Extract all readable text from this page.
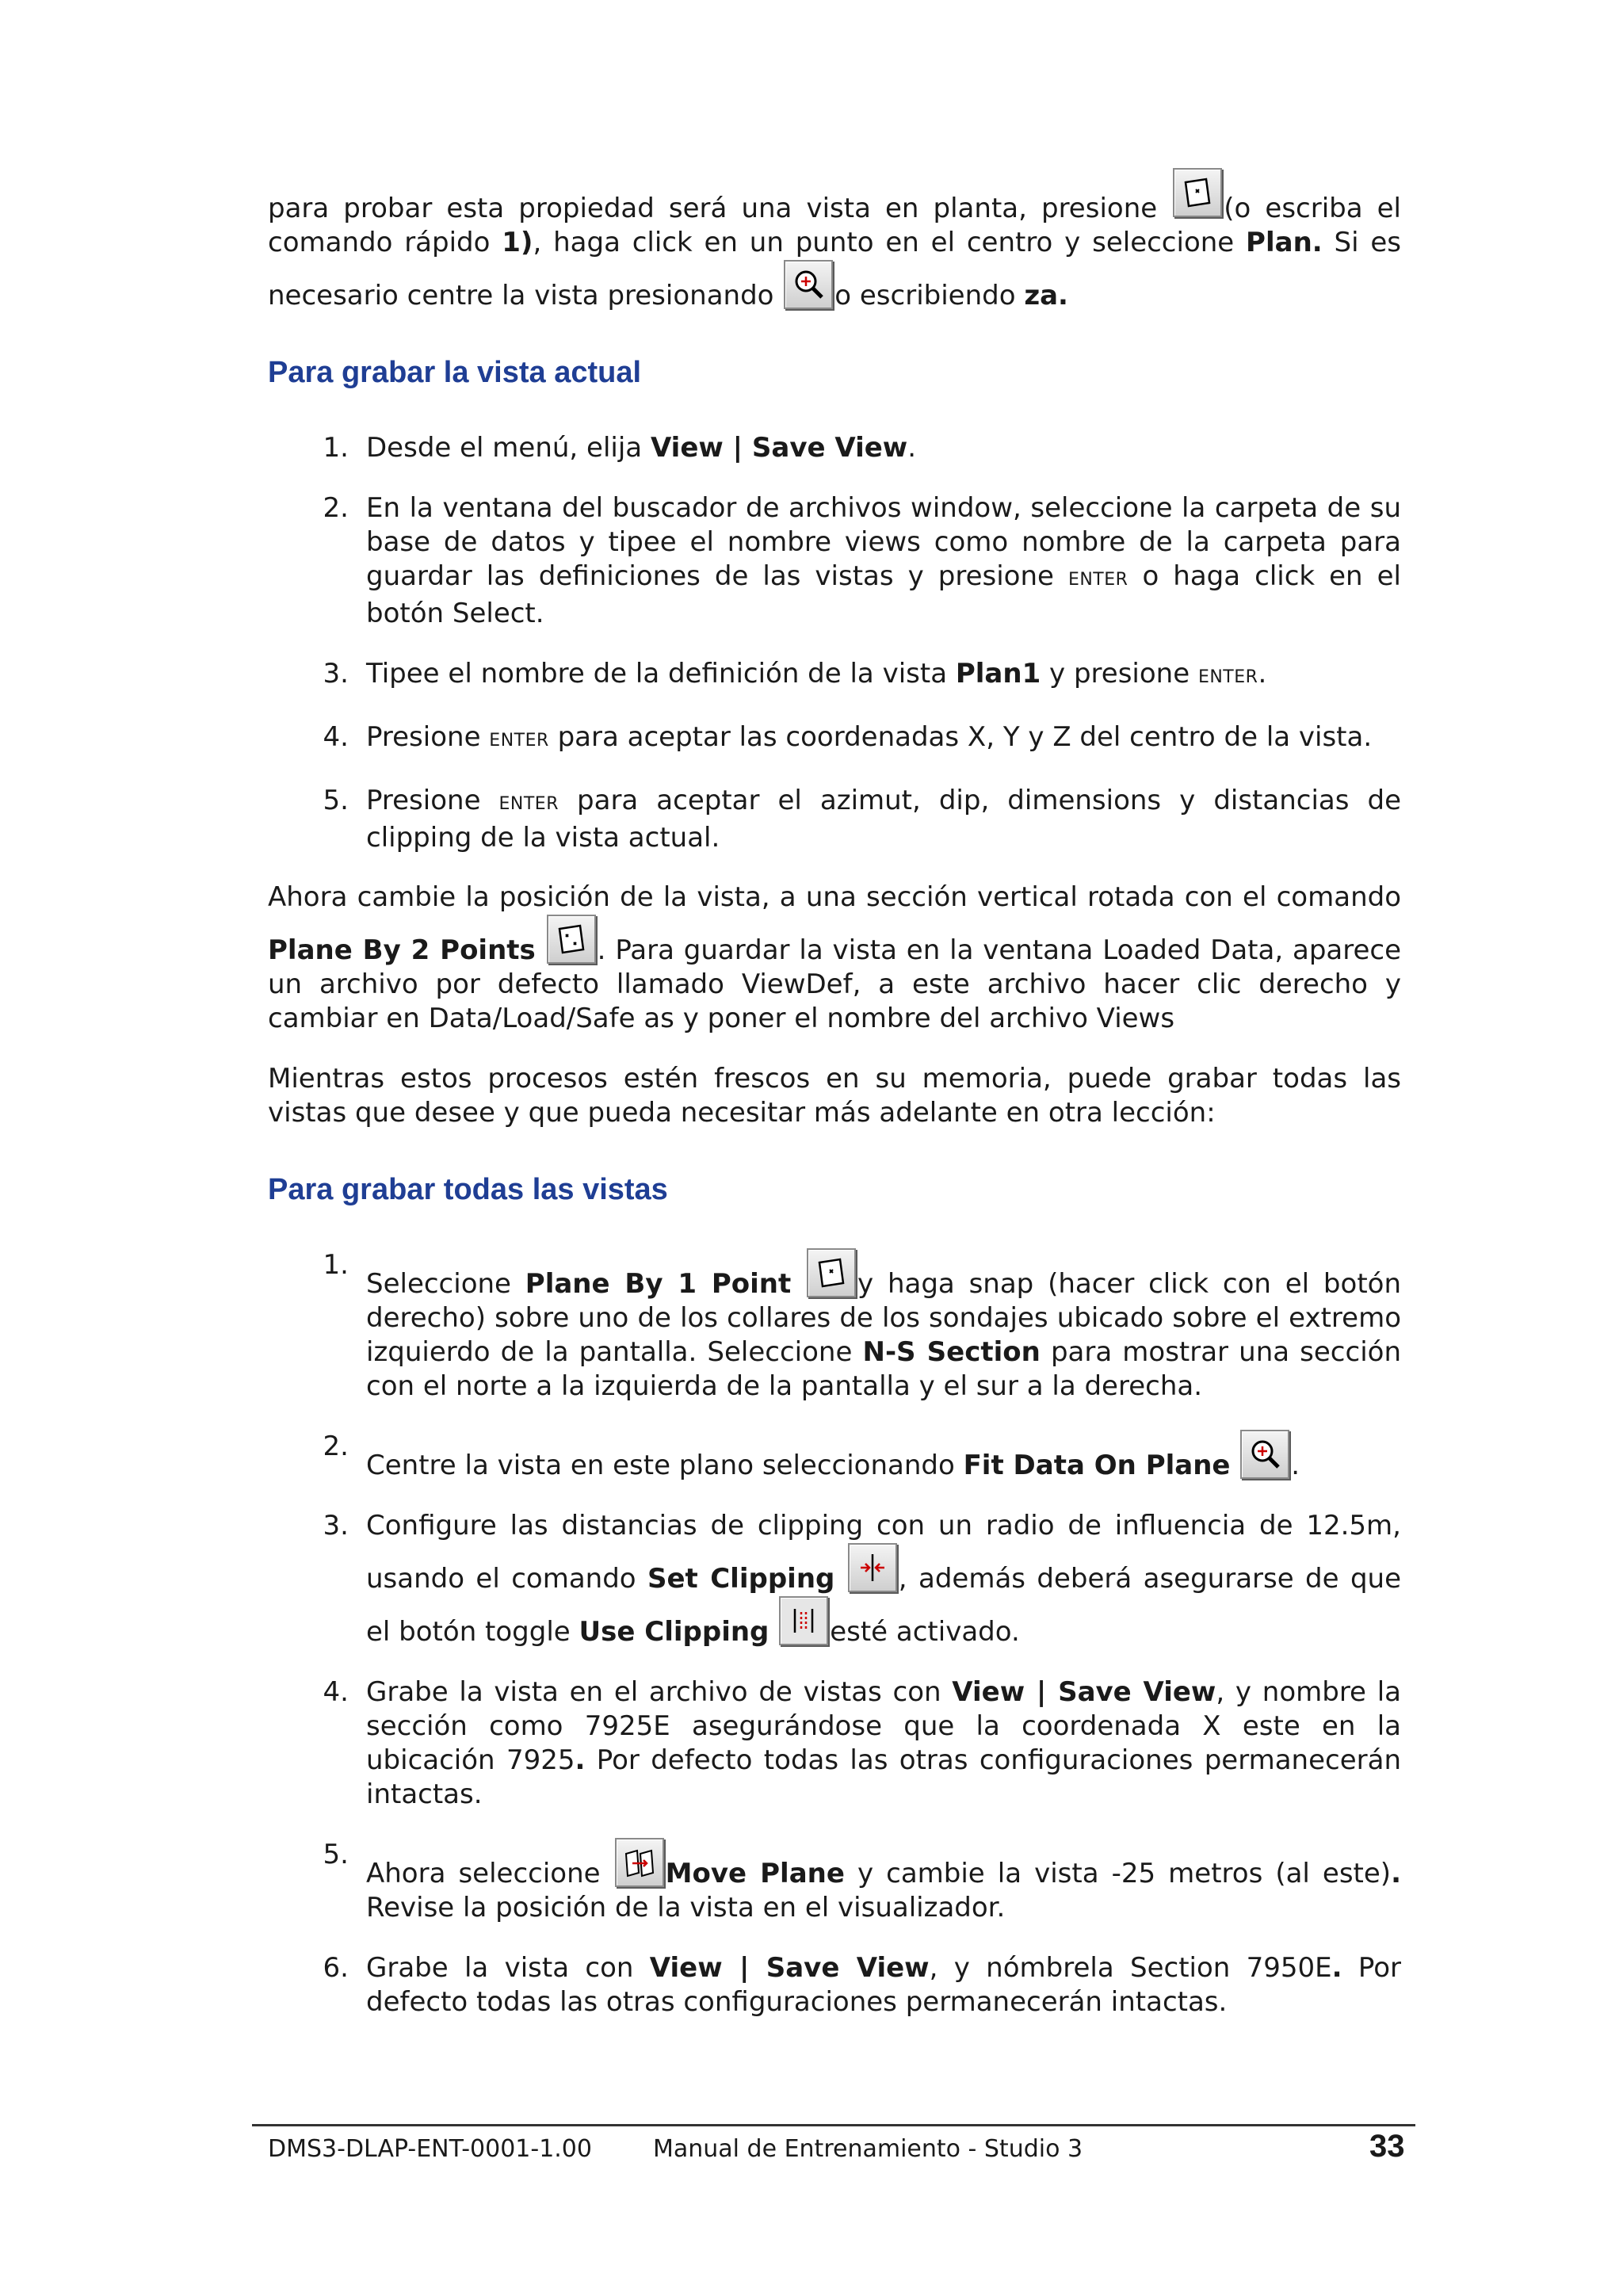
para probar esta propiedad será una vista en planta, presione
(o escriba el comando rápido 1), haga click en un punto en el centro y seleccione Plan. Si es necesario centre la vista presionando
o escribiendo za.

Para grabar la vista actual
1. Desde el menú, elija View | Save View.
2. En la ventana del buscador de archivos window, seleccione la carpeta de su base de datos y tipee el nombre views como nombre de la carpeta para guardar las definiciones de las vistas y presione ENTER o haga click en el botón Select.
3. Tipee el nombre de la definición de la vista Plan1 y presione ENTER.
4. Presione ENTER para aceptar las coordenadas X, Y y Z del centro de la vista.
5. Presione ENTER para aceptar el azimut, dip, dimensions y distancias de clipping de la vista actual.

Ahora cambie la posición de la vista, a una sección vertical rotada con el comando Plane By 2 Points . Para guardar la vista en la ventana Loaded Data, aparece un archivo por defecto llamado ViewDef, a este archivo hacer clic derecho y cambiar en Data/Load/Safe as y poner el nombre del archivo Views

Mientras estos procesos estén frescos en su memoria, puede grabar todas las vistas que desee y que pueda necesitar más adelante en otra lección:

Para grabar todas las vistas
1.
Seleccione Plane By 1 Point y haga snap (hacer click con el botón derecho) sobre uno de los collares de los sondajes ubicado sobre el extremo izquierdo de la pantalla. Seleccione N-S Section para mostrar una sección con el norte a la izquierda de la pantalla y el sur a la derecha.
2.
Centre la vista en este plano seleccionando Fit Data On Plane .
3. Configure las distancias de clipping con un radio de influencia de 12.5m, usando el comando Set Clipping , además deberá asegurarse de que el botón toggle Use Clipping esté activado.
4. Grabe la vista en el archivo de vistas con View | Save View, y nombre la sección como 7925E asegurándose que la coordenada X este en la ubicación 7925. Por defecto todas las otras configuraciones permanecerán intactas.
5.
Ahora seleccione
Move Plane y cambie la vista -25 metros (al este). Revise la posición de la vista en el visualizador.
6. Grabe la vista con View | Save View, y nómbrela Section 7950E. Por defecto todas las otras configuraciones permanecerán intactas.
DMS3-DLAP-ENT-0001-1.00	Manual de Entrenamiento - Studio 3	33
